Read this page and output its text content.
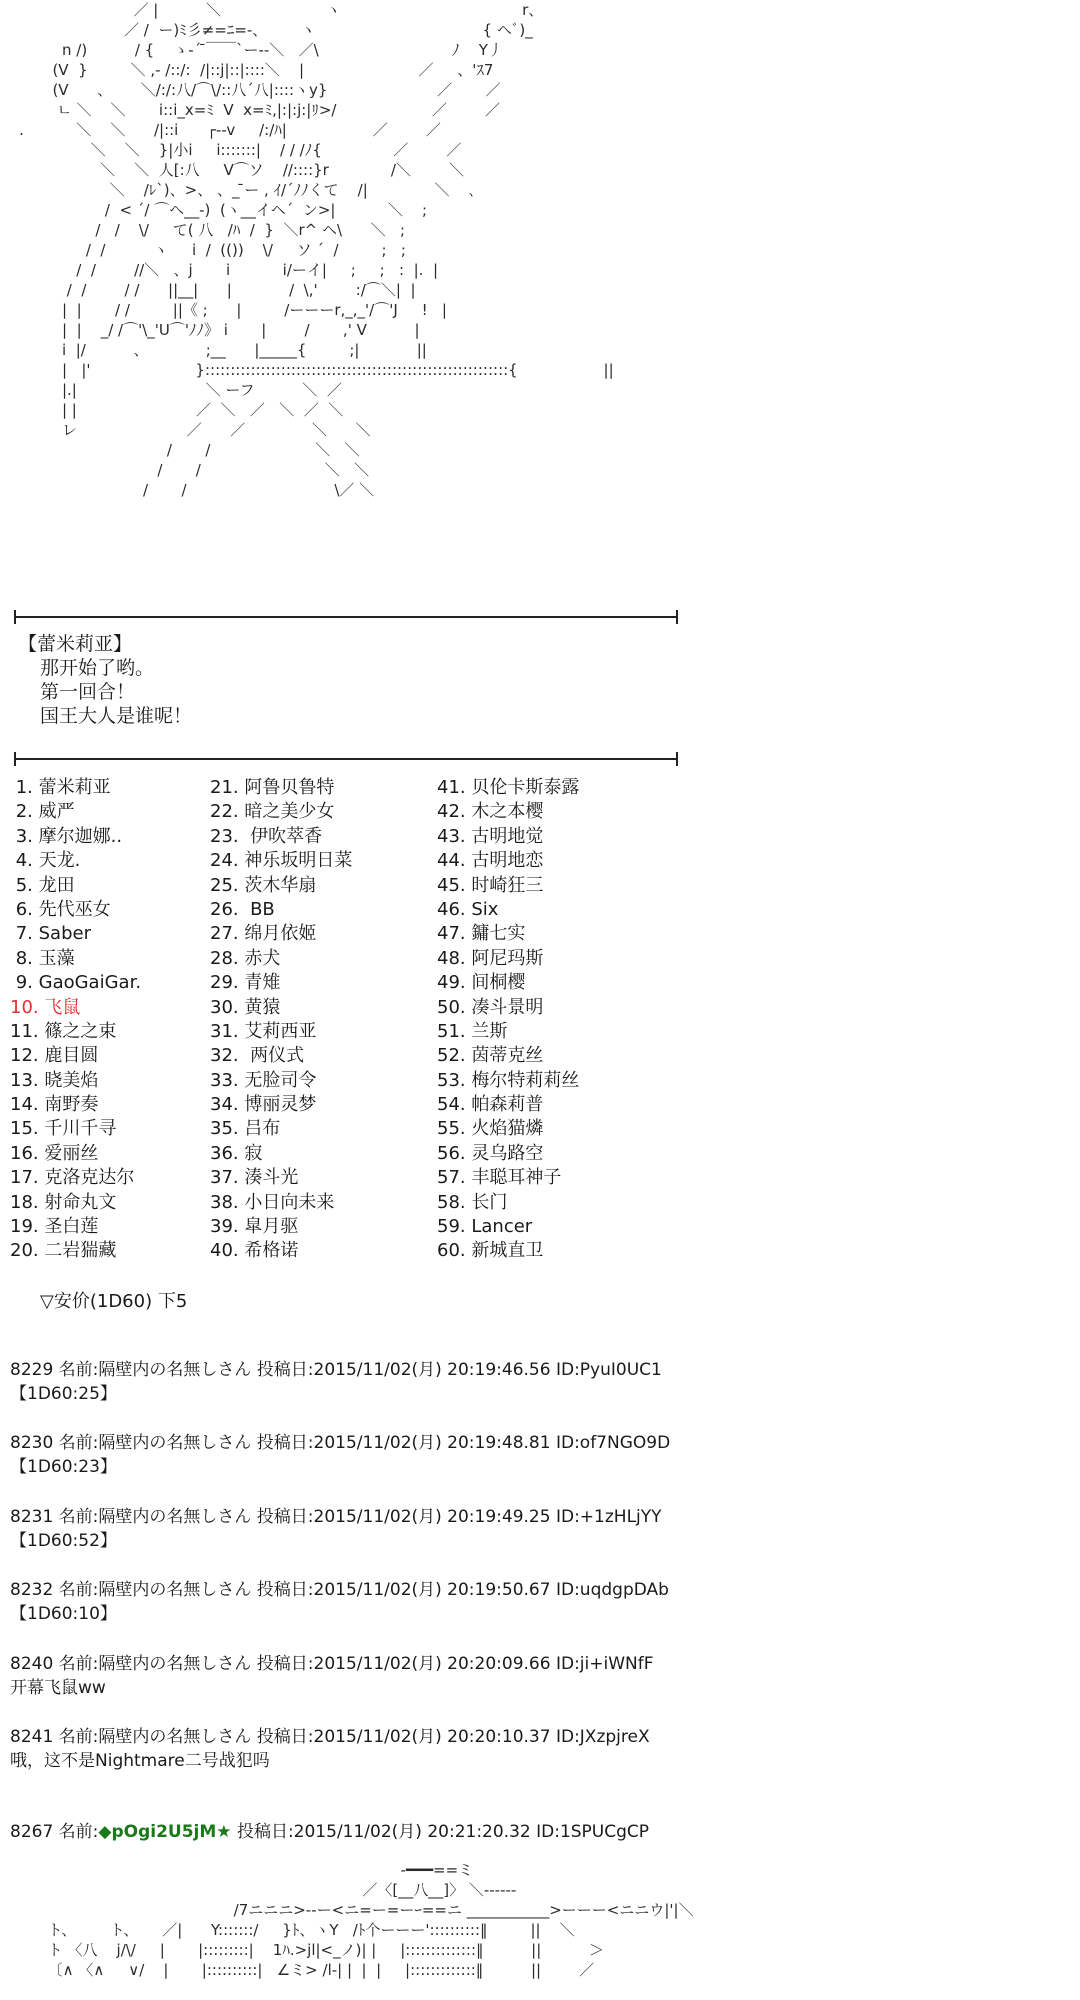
／ |          ＼                      ヽ                                      r、
／ /  ー)ﾐ彡≠=ﾆ=-、       ヽ                                   { ヘﾞ)_
n /)          / {    ゝ-´ ̄￣￣`ー--＼   ／\                            ﾉ    Y丿
(V  }         ＼ ,- /::/:  /|::j|::|::::＼    |                        ／     、'ｽ7
(V      、      ＼/:/:八/⌒\/::八´八|::::ヽy}                       ／       ／
ㄴ ＼    ＼       i::i_x=ﾐ  V  x=ﾐ,|:|:j:|ﾘ>/                    ／        ／
.           ＼    ＼      /|::i      ┌‐‐v     /:/ﾊ|                  ／        ／
＼    ＼    }|小i     i:::::::|    / / /ﾉ{               ／        ／
＼    ＼  人[:八     V⌒ソ    //::::}r             /＼        ＼
＼    /ﾚ`)、>、 、_ ̄ー , ｲ/´ﾉﾉくて    /|              ＼    ､
/  < ´/ ⌒ヘ__-)  (ヽ__イヘ´  ン>|           ＼    ;
/   /    \/     て( 八   /ﾊ  /  }  ＼r^ ヘ\      ＼   ;
/  /          ヽ     i  /  (())    \/     ソ ´  /         ;   ;
/  /        //＼   、j       i           i/ーイ|     ;     ;   :  |.  |
/  /        / /      ||__|      |            /  \,'        :/⌒＼|  |
|  |       / /         ||《 ;      |         /ーーーr,_,_'/⌒'J     !   |
|  |    _/ /⌒'\_'U⌒'ﾉﾉ》 i       |        /       ,' V          |
i  |/          、            ;__      |_____{         ;|            ||
|   |'                      }::::::::::::::::::::::::::::::::::::::::::::::::::::::::::::{                  ||
|.|                           ＼ ーフ          ＼  ／
| |                         ／  ＼   ／   ＼  ／  ＼
レ                       ／      ／              ＼      ＼
/       /                      ＼   ＼
/       /                          ＼   ＼
/       /                               \／ ＼
【蕾米莉亚】
那开始了哟。
第一回合！
国王大人是谁呢！
1. 蕾米莉亚
2. 威严
3. 摩尔迦娜..
4. 天龙.
5. 龙田
6. 先代巫女
7. Saber
8. 玉藻
9. GaoGaiGar.
10. 飞鼠
11. 篠之之束
12. 鹿目圆
13. 晓美焰
14. 南野奏
15. 千川千寻
16. 爱丽丝
17. 克洛克达尔
18. 射命丸文
19. 圣白莲
20. 二岩猯藏
21. 阿鲁贝鲁特
22. 暗之美少女
23.  伊吹萃香
24. 神乐坂明日菜
25. 茨木华扇
26.  BB
27. 绵月依姬
28. 赤犬
29. 青雉
30. 黄猿
31. 艾莉西亚
32.  两仪式
33. 无脸司令
34. 博丽灵梦
35. 吕布
36. 寂
37. 湊斗光
38. 小日向未来
39. 皐月驱
40. 希格诺
41. 贝伦卡斯泰露
42. 木之本樱
43. 古明地觉
44. 古明地恋
45. 时崎狂三
46. Six
47. 鏞七实
48. 阿尼玛斯
49. 间桐樱
50. 凑斗景明
51. 兰斯
52. 茵蒂克丝
53. 梅尔特莉莉丝
54. 帕森莉普
55. 火焰猫燐
56. 灵乌路空
57. 丰聪耳神子
58. 长门
59. Lancer
60. 新城直卫
▽安价(1D60) 下5
8229 名前:隔壁内の名無しさん 投稿日:2015/11/02(月) 20:19:46.56 ID:PyuI0UC1
【1D60:25】
8230 名前:隔壁内の名無しさん 投稿日:2015/11/02(月) 20:19:48.81 ID:of7NGO9D
【1D60:23】
8231 名前:隔壁内の名無しさん 投稿日:2015/11/02(月) 20:19:49.25 ID:+1zHLjYY
【1D60:52】
8232 名前:隔壁内の名無しさん 投稿日:2015/11/02(月) 20:19:50.67 ID:uqdgpDAb
【1D60:10】
8240 名前:隔壁内の名無しさん 投稿日:2015/11/02(月) 20:20:09.66 ID:ji+iWNfF
开幕飞鼠ww
8241 名前:隔壁内の名無しさん 投稿日:2015/11/02(月) 20:20:10.37 ID:JXzpjreX
哦，这不是Nightmare二号战犯吗
8267 名前:◆pOgi2U5jM★ 投稿日:2015/11/02(月) 20:21:20.32 ID:1SPUCgCP
‐━━━==ミ
／〈[__八__]〉 ＼------
/7ニニニ>--ー<ニ=ー=ーｰ==ニ ___________>ーーー<ニニウ|'|＼
ト、       ト、     ／|      Y:::::::/     }ﾄ、ヽY   /ﾄ个ーーー'::::::::::‖         ||    ＼
ト 〈八    j/\/     |       |:::::::::|    1ﾊ.>jl|<_ノ)| |     |::::::::::::::‖          ||          ＞
〔∧ 〈∧     ∨/    |       |::::::::::|   ∠ミ> /l-| |  |  |     |:::::::::::::‖          ||        ／
